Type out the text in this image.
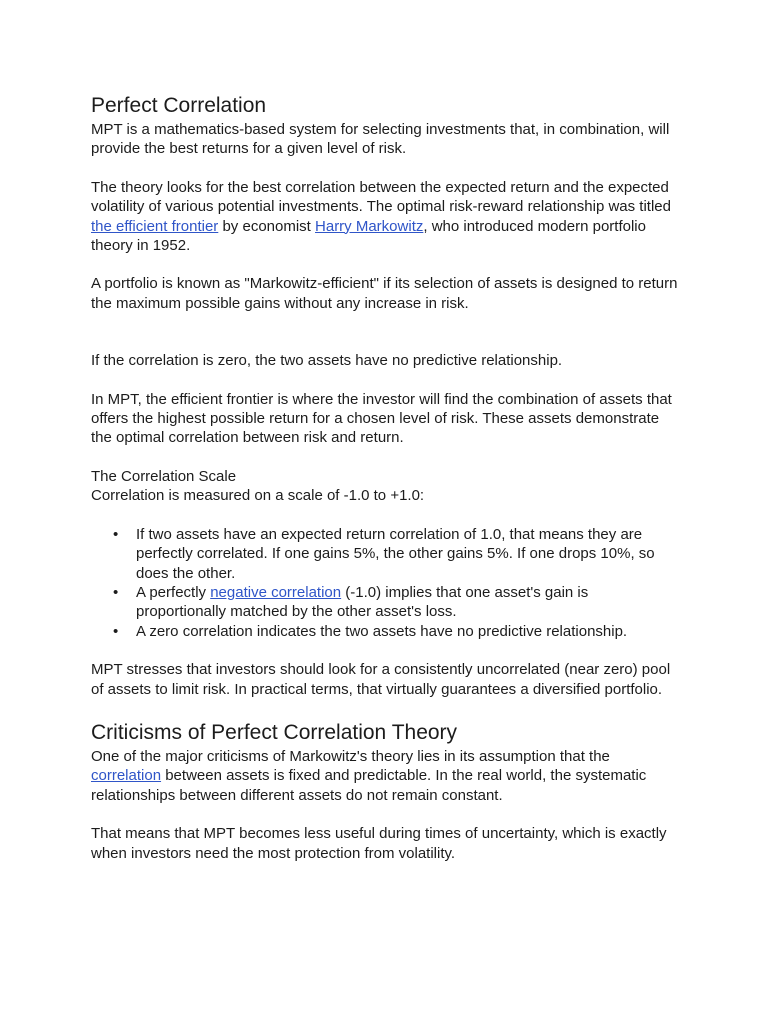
Perfect Correlation

MPT is a mathematics-based system for selecting investments that, in combination, will provide the best returns for a given level of risk.

The theory looks for the best correlation between the expected return and the expected volatility of various potential investments. The optimal risk-reward relationship was titled the efficient frontier by economist Harry Markowitz, who introduced modern portfolio theory in 1952.

A portfolio is known as "Markowitz-efficient" if its selection of assets is designed to return the maximum possible gains without any increase in risk.

If the correlation is zero, the two assets have no predictive relationship.

In MPT, the efficient frontier is where the investor will find the combination of assets that offers the highest possible return for a chosen level of risk. These assets demonstrate the optimal correlation between risk and return.

The Correlation Scale

Correlation is measured on a scale of -1.0 to +1.0:

• If two assets have an expected return correlation of 1.0, that means they are perfectly correlated. If one gains 5%, the other gains 5%. If one drops 10%, so does the other.
• A perfectly negative correlation (-1.0) implies that one asset's gain is proportionally matched by the other asset's loss.
• A zero correlation indicates the two assets have no predictive relationship.

MPT stresses that investors should look for a consistently uncorrelated (near zero) pool of assets to limit risk. In practical terms, that virtually guarantees a diversified portfolio.

Criticisms of Perfect Correlation Theory

One of the major criticisms of Markowitz's theory lies in its assumption that the correlation between assets is fixed and predictable. In the real world, the systematic relationships between different assets do not remain constant.

That means that MPT becomes less useful during times of uncertainty, which is exactly when investors need the most protection from volatility.
